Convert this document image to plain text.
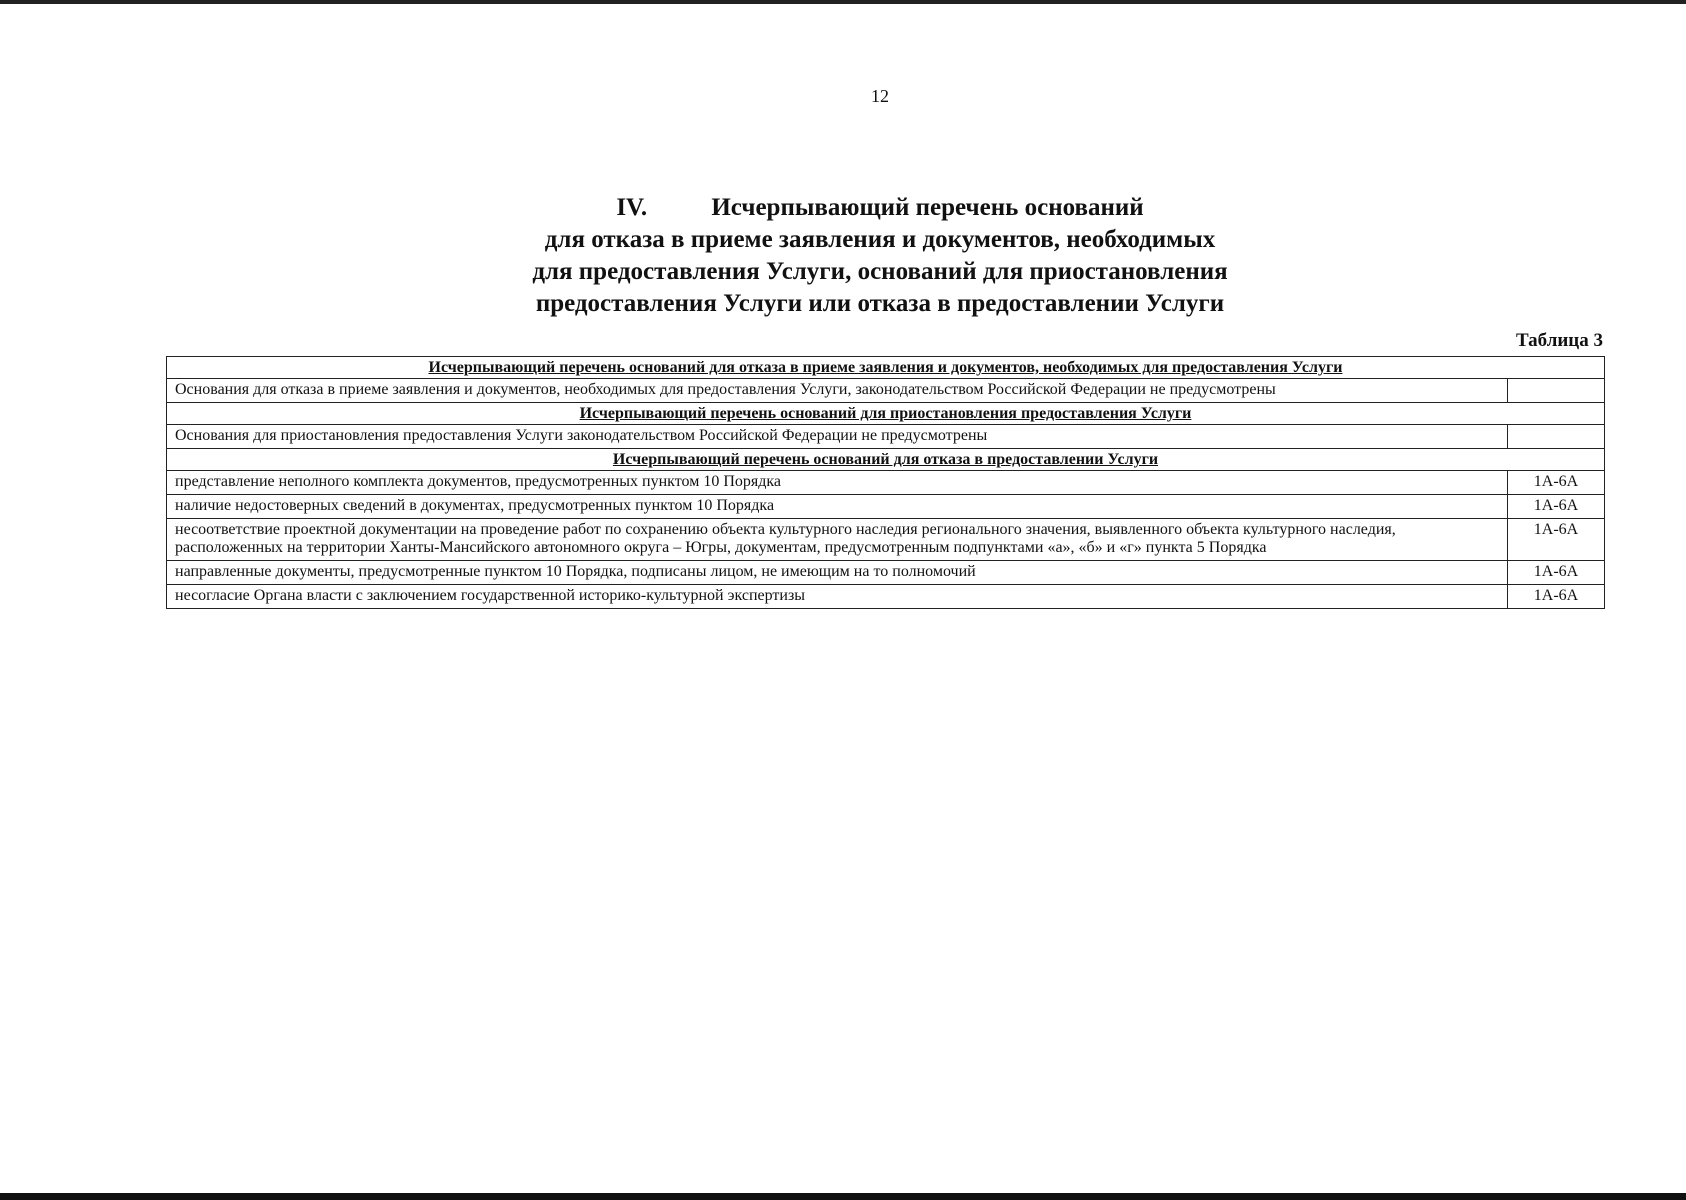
12
IV.	Исчерпывающий перечень оснований
для отказа в приеме заявления и документов, необходимых
для предоставления Услуги, оснований для приостановления
предоставления Услуги или отказа в предоставлении Услуги
Таблица 3
Исчерпывающий перечень оснований для отказа в приеме заявления и документов, необходимых для предоставления Услуги	
Основания для отказа в приеме заявления и документов, необходимых для предоставления Услуги, законодательством Российской Федерации не предусмотрены	
Исчерпывающий перечень оснований для приостановления предоставления Услуги	
Основания для приостановления предоставления Услуги законодательством Российской Федерации не предусмотрены	
Исчерпывающий перечень оснований для отказа в предоставлении Услуги	
представление неполного комплекта документов, предусмотренных пунктом 10 Порядка	1А-6А
наличие недостоверных сведений в документах, предусмотренных пунктом 10 Порядка	1А-6А
несоответствие проектной документации на проведение работ по сохранению объекта культурного наследия регионального значения, выявленного объекта культурного наследия, расположенных на территории Ханты-Мансийского автономного округа – Югры, документам, предусмотренным подпунктами «а», «б» и «г» пункта 5 Порядка	1А-6А
направленные документы, предусмотренные пунктом 10 Порядка, подписаны лицом, не имеющим на то полномочий	1А-6А
несогласие Органа власти с заключением государственной историко-культурной экспертизы	1А-6А
